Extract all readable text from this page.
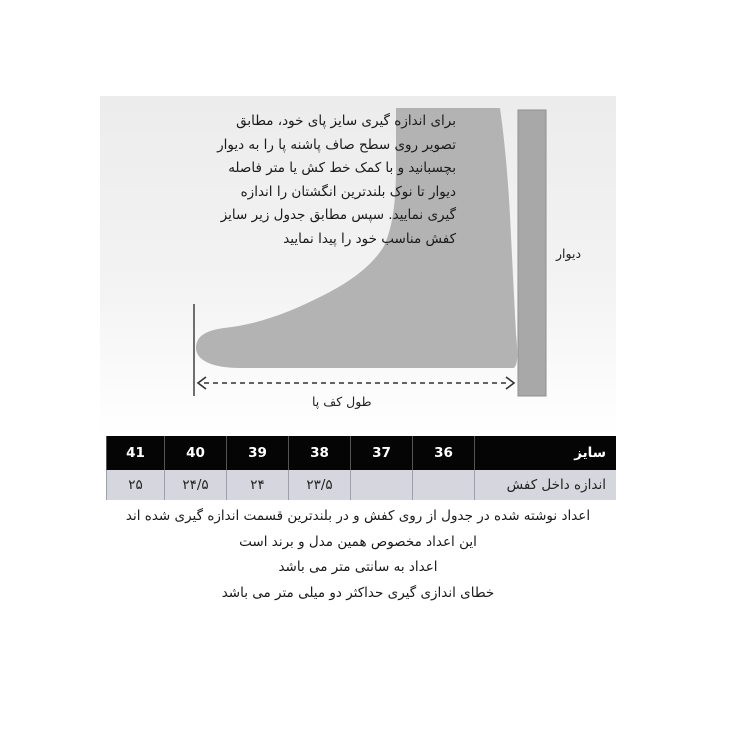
برای اندازه گیری سایز پای خود، مطابق
تصویر روی سطح صاف پاشنه پا را به دیوار
بچسبانید و با کمک خط کش یا متر فاصله
دیوار تا نوک بلندترین انگشتان را اندازه
گیری نمایید. سپس مطابق جدول زیر سایز
کفش مناسب خود را پیدا نمایید
دیوار
طول کف پا
سایز
36
37
38
39
40
41
اندازه داخل کفش
۲۳/۵
۲۴
۲۴/۵
۲۵
اعداد نوشته شده در جدول از روی کفش و در بلندترین قسمت اندازه گیری شده اند
این اعداد مخصوص همین مدل و برند است
اعداد به سانتی متر می باشد
خطای اندازی گیری حداکثر دو میلی متر می باشد
